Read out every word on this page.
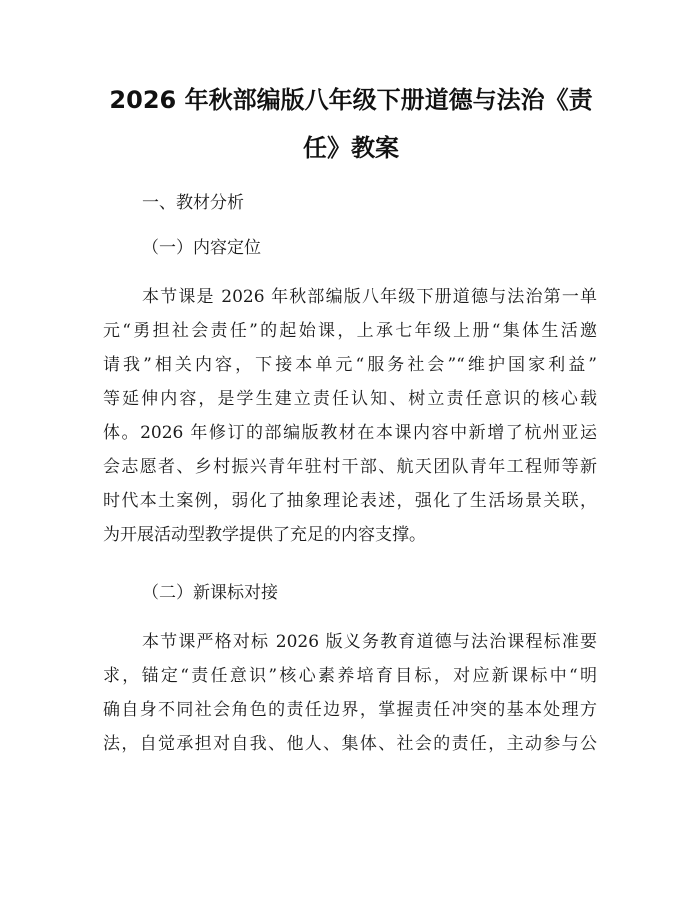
2026 年秋部编版八年级下册道德与法治《责
任》教案
一、教材分析
（一）内容定位
本节课是 2026 年秋部编版八年级下册道德与法治第一单
元“勇担社会责任”的起始课，上承七年级上册“集体生活邀
请我”相关内容，下接本单元“服务社会”“维护国家利益”
等延伸内容，是学生建立责任认知、树立责任意识的核心载
体。2026 年修订的部编版教材在本课内容中新增了杭州亚运
会志愿者、乡村振兴青年驻村干部、航天团队青年工程师等新
时代本土案例，弱化了抽象理论表述，强化了生活场景关联，
为开展活动型教学提供了充足的内容支撑。
（二）新课标对接
本节课严格对标 2026 版义务教育道德与法治课程标准要
求，锚定“责任意识”核心素养培育目标，对应新课标中“明
确自身不同社会角色的责任边界，掌握责任冲突的基本处理方
法，自觉承担对自我、他人、集体、社会的责任，主动参与公
